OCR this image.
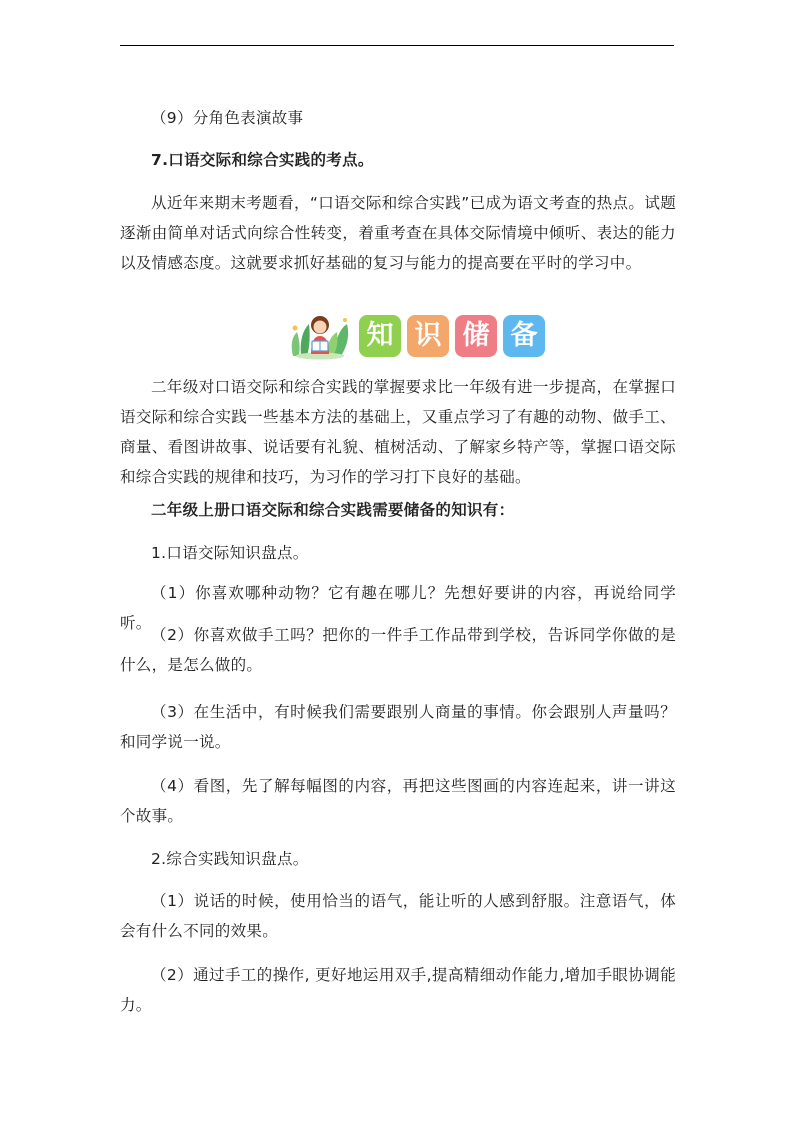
（9）分角色表演故事

7.口语交际和综合实践的考点。

从近年来期末考题看，“口语交际和综合实践”已成为语文考查的热点。试题逐渐由简单对话式向综合性转变，着重考查在具体交际情境中倾听、表达的能力以及情感态度。这就要求抓好基础的复习与能力的提高要在平时的学习中。

知 识 储 备

二年级对口语交际和综合实践的掌握要求比一年级有进一步提高，在掌握口语交际和综合实践一些基本方法的基础上，又重点学习了有趣的动物、做手工、商量、看图讲故事、说话要有礼貌、植树活动、了解家乡特产等，掌握口语交际和综合实践的规律和技巧，为习作的学习打下良好的基础。

二年级上册口语交际和综合实践需要储备的知识有：

1.口语交际知识盘点。

（1）你喜欢哪种动物？它有趣在哪儿？先想好要讲的内容，再说给同学听。

（2）你喜欢做手工吗？把你的一件手工作品带到学校，告诉同学你做的是什么，是怎么做的。

（3）在生活中，有时候我们需要跟别人商量的事情。你会跟别人声量吗？和同学说一说。

（4）看图，先了解每幅图的内容，再把这些图画的内容连起来，讲一讲这个故事。

2.综合实践知识盘点。

（1）说话的时候，使用恰当的语气，能让听的人感到舒服。注意语气，体会有什么不同的效果。

（2）通过手工的操作, 更好地运用双手,提高精细动作能力,增加手眼协调能力。
